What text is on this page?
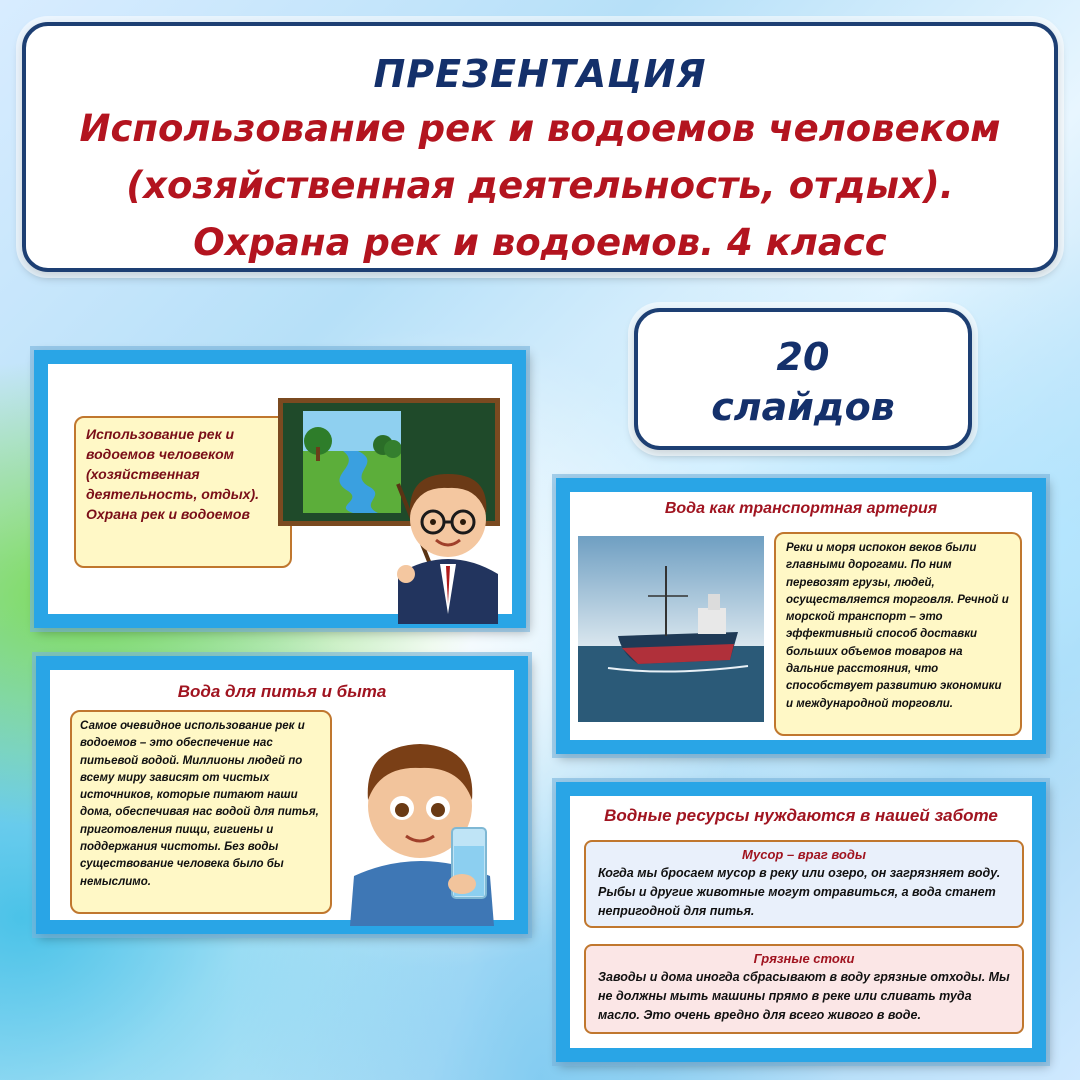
ПРЕЗЕНТАЦИЯ
Использование рек и водоемов человеком
(хозяйственная деятельность, отдых).
Охрана рек и водоемов. 4 класс
20
слайдов
Использование рек и водоемов человеком (хозяйственная деятельность, отдых). Охрана рек и водоемов	Вода как транспортная артерия
Реки и моря испокон веков были главными дорогами. По ним перевозят грузы, людей, осуществляется торговля. Речной и морской транспорт – это эффективный способ доставки больших объемов товаров на дальние расстояния, что способствует развитию экономики и международной торговли.
Вода для питья и быта
Самое очевидное использование рек и водоемов – это обеспечение нас питьевой водой. Миллионы людей по всему миру зависят от чистых источников, которые питают наши дома, обеспечивая нас водой для питья, приготовления пищи, гигиены и поддержания чистоты. Без воды существование человека было бы немыслимо.
Водные ресурсы нуждаются в нашей заботе
Мусор – враг воды
Когда мы бросаем мусор в реку или озеро, он загрязняет воду. Рыбы и другие животные могут отравиться, а вода станет непригодной для питья.
Грязные стоки
Заводы и дома иногда сбрасывают в воду грязные отходы. Мы не должны мыть машины прямо в реке или сливать туда масло. Это очень вредно для всего живого в воде.
